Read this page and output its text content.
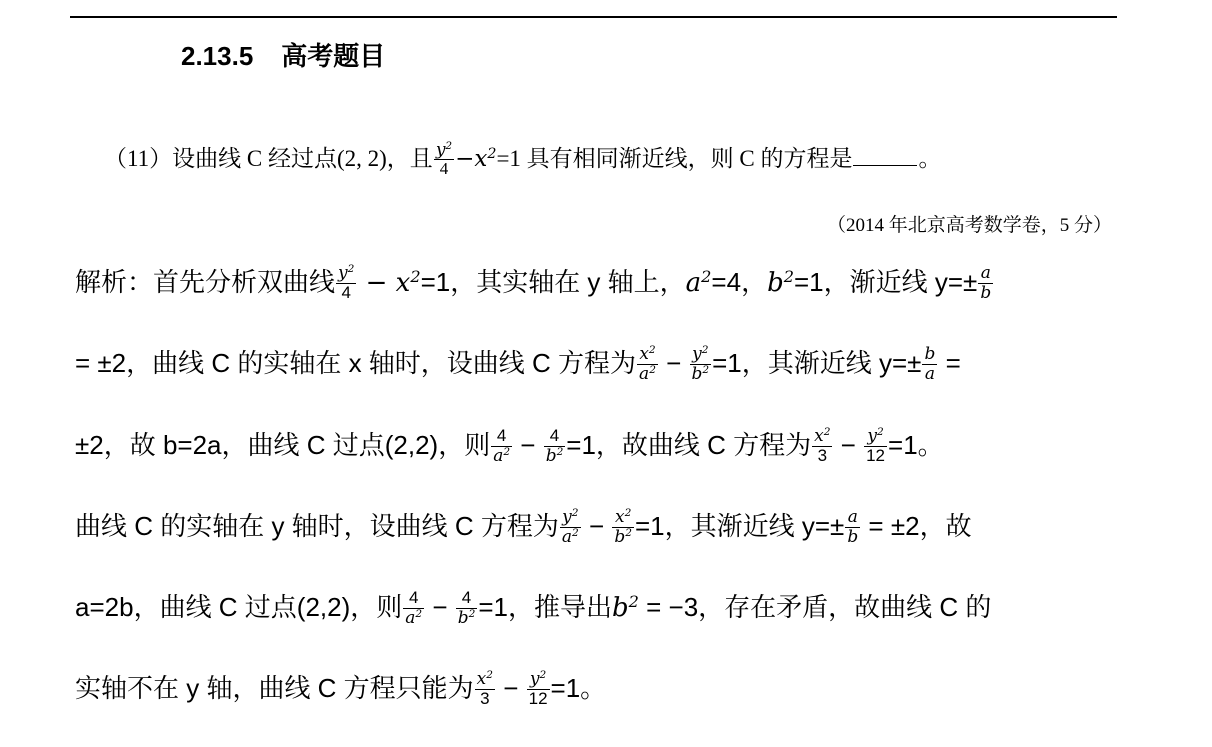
2.13.5 高考题目
（11）设曲线 C 经过点(2, 2)，且 $\frac{y^2}{4} -x^2=1$ 具有相同渐近线，则 C 的方程是	。
（2014 年北京高考数学卷，5 分）
解析：首先分析双曲线 $\frac{y^2}{4} - x^2=1$，其实轴在 y 轴上，$a^2=4$，$b^2=1$，渐近线 $y=\pm \frac{a}{b}$
= ±2，曲线 C 的实轴在 x 轴时，设曲线 C 方程为 $\frac{x^2}{a^2} - \frac{y^2}{b^2} =1$，其渐近线 $y=\pm \frac{b}{a}$ =
±2，故 b=2a，曲线 C 过点(2,2)，则 $\frac{4}{a^2} - \frac{4}{b^2} =1$，故曲线 C 方程为 $\frac{x^2}{3} - \frac{y^2}{12} =1$。
曲线 C 的实轴在 y 轴时，设曲线 C 方程为 $\frac{y^2}{a^2} - \frac{x^2}{b^2} =1$，其渐近线 $y=\pm \frac{a}{b} = \pm 2$，故
a=2b，曲线 C 过点(2,2)，则 $\frac{4}{a^2} - \frac{4}{b^2} =1$，推导出$b^2 = -3$，存在矛盾，故曲线 C 的
实轴不在 y 轴，曲线 C 方程只能为 $\frac{x^2}{3} - \frac{y^2}{12} =1$。
